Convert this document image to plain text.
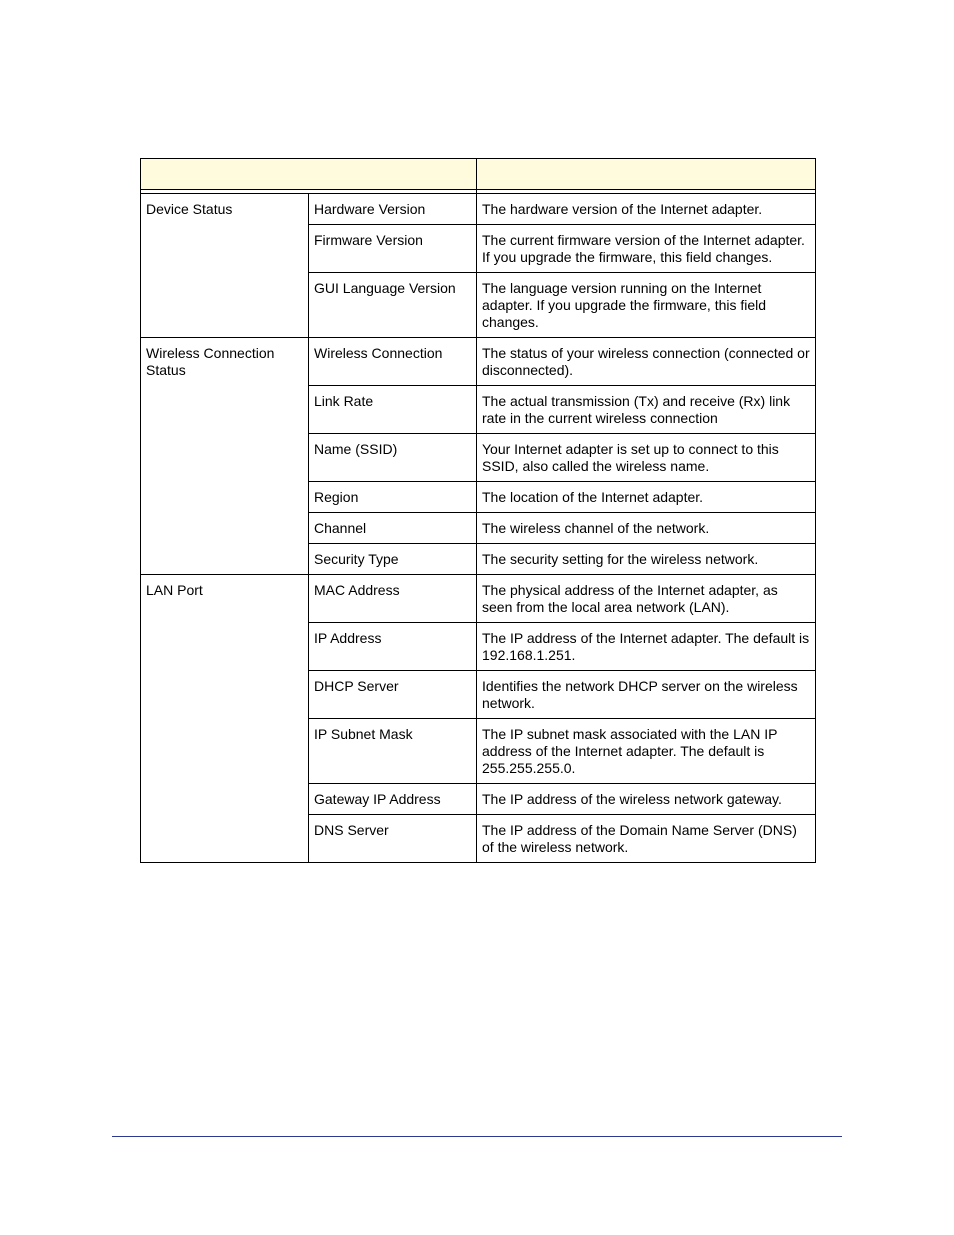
Device Status	Hardware Version	The hardware version of the Internet adapter.
	Firmware Version	The current firmware version of the Internet adapter. If you upgrade the firmware, this field changes.
	GUI Language Version	The language version running on the Internet adapter. If you upgrade the firmware, this field changes.
Wireless Connection Status	Wireless Connection	The status of your wireless connection (connected or disconnected).
	Link Rate	The actual transmission (Tx) and receive (Rx) link rate in the current wireless connection
	Name (SSID)	Your Internet adapter is set up to connect to this SSID, also called the wireless name.
	Region	The location of the Internet adapter.
	Channel	The wireless channel of the network.
	Security Type	The security setting for the wireless network.
LAN Port	MAC Address	The physical address of the Internet adapter, as seen from the local area network (LAN).
	IP Address	The IP address of the Internet adapter. The default is 192.168.1.251.
	DHCP Server	Identifies the network DHCP server on the wireless network.
	IP Subnet Mask	The IP subnet mask associated with the LAN IP address of the Internet adapter. The default is 255.255.255.0.
	Gateway IP Address	The IP address of the wireless network gateway.
	DNS Server	The IP address of the Domain Name Server (DNS) of the wireless network.
